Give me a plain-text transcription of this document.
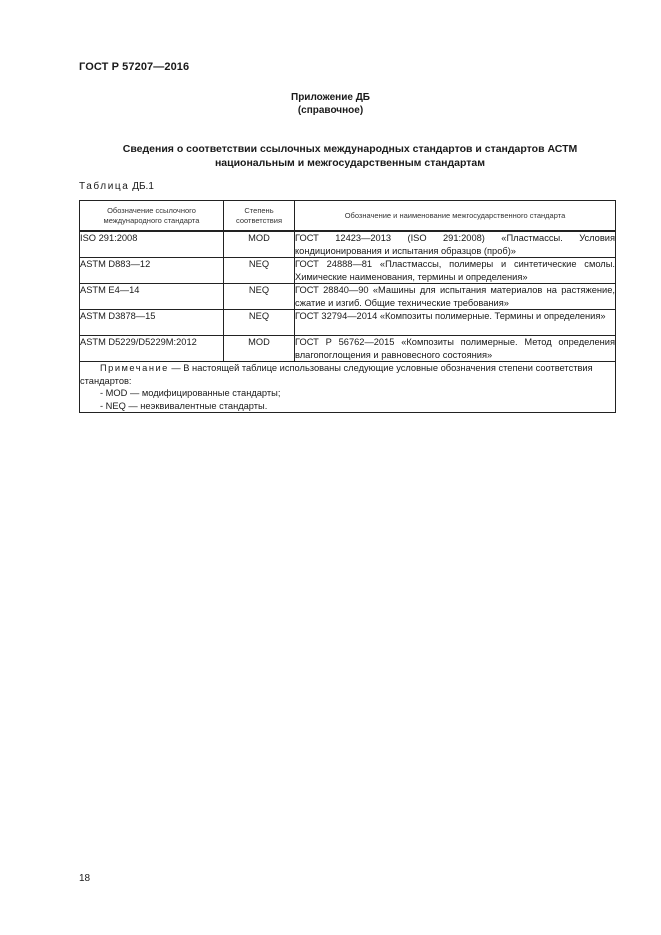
ГОСТ Р 57207—2016
Приложение ДБ
(справочное)
Сведения о соответствии ссылочных международных стандартов и стандартов АСТМ
национальным и межгосударственным стандартам
Таблица ДБ.1
Обозначение ссылочного международного стандарта	Степень соответствия	Обозначение и наименование межгосударственного стандарта
ISO 291:2008	MOD	ГОСТ 12423—2013 (ISO 291:2008) «Пластмассы. Условия кондиционирования и испытания образцов (проб)»
ASTM D883—12	NEQ	ГОСТ 24888—81 «Пластмассы, полимеры и синтетические смолы. Химические наименования, термины и определения»
ASTM E4—14	NEQ	ГОСТ 28840—90 «Машины для испытания материалов на растяжение, сжатие и изгиб. Общие технические требования»
ASTM D3878—15	NEQ	ГОСТ 32794—2014 «Композиты полимерные. Термины и определения»
ASTM D5229/D5229M:2012	MOD	ГОСТ Р 56762—2015 «Композиты полимерные. Метод определения влагопоглощения и равновесного состояния»

Примечание — В настоящей таблице использованы следующие условные обозначения степени соответствия стандартов:
- MOD — модифицированные стандарты;
- NEQ — неэквивалентные стандарты.		
18
